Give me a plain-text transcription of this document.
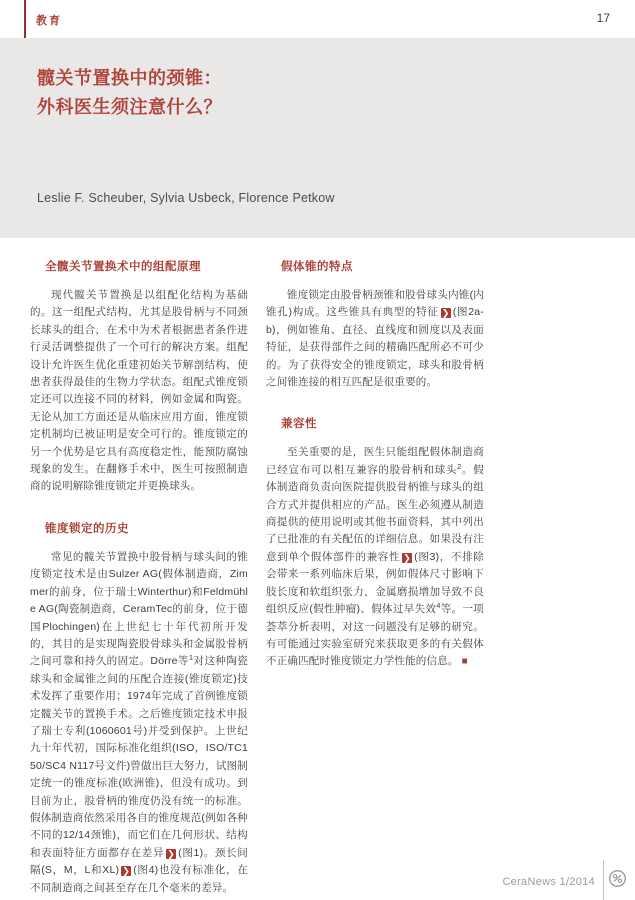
教育	17
髋关节置换中的颈锥：
外科医生须注意什么？
Leslie F. Scheuber, Sylvia Usbeck, Florence Petkow
全髋关节置换术中的组配原理

现代髋关节置换是以组配化结构为基础的。这一组配式结构，尤其是股骨柄与不同颈长球头的组合，在术中为术者根据患者条件进行灵活调整提供了一个可行的解决方案。组配设计允许医生优化重建初始关节解剖结构，使患者获得最佳的生物力学状态。组配式锥度锁定还可以连接不同的材料，例如金属和陶瓷。无论从加工方面还是从临床应用方面，锥度锁定机制均已被证明是安全可行的。锥度锁定的另一个优势是它具有高度稳定性，能预防腐蚀现象的发生。在翻修手术中，医生可按照制造商的说明解除锥度锁定并更换球头。

锥度锁定的历史

常见的髋关节置换中股骨柄与球头间的锥度锁定技术是由Sulzer AG(假体制造商，Zimmer的前身，位于瑞士Winterthur)和Feldmühle AG(陶瓷制造商，CeramTec的前身，位于德国Plochingen)在上世纪七十年代初所开发的，其目的是实现陶瓷股骨球头和金属股骨柄之间可靠和持久的固定。Dörre等$^1$对这种陶瓷球头和金属锥之间的压配合连接(锥度锁定)技术发挥了重要作用；1974年完成了首例锥度锁定髋关节的置换手术。之后锥度锁定技术申报了瑞士专利(1060601号)并受到保护。上世纪九十年代初，国际标准化组织(ISO，ISO/TC150/SC4 N117号文件)曾做出巨大努力，试图制定统一的锥度标准(欧洲锥)，但没有成功。到目前为止，股骨柄的锥度仍没有统一的标准。假体制造商依然采用各自的锥度规范(例如各种不同的12/14颈锥)，而它们在几何形状、结构和表面特征方面都存在差异 ❯ (图1)。颈长间隔(S，M，L和XL) ❯ (图4)也没有标准化，在不同制造商之间甚至存在几个毫米的差异。

假体锥的特点

锥度锁定由股骨柄颈锥和股骨球头内锥(内锥孔)构成。这些锥具有典型的特征 ❯ (图2a-b)，例如锥角、直径、直线度和圆度以及表面特征，是获得部件之间的精确匹配所必不可少的。为了获得安全的锥度锁定，球头和股骨柄之间锥连接的相互匹配是很重要的。

兼容性

至关重要的是，医生只能组配假体制造商已经宣布可以相互兼容的股骨柄和球头$^2$。假体制造商负责向医院提供股骨柄锥与球头的组合方式并提供相应的产品。医生必须遵从制造商提供的使用说明或其他书面资料，其中列出了已批准的有关配伍的详细信息。如果没有注意到单个假体部件的兼容性 ❯ (图3)，不排除会带来一系列临床后果，例如假体尺寸影响下肢长度和软组织张力，金属磨损增加导致不良组织反应(假性肿瘤)、假体过早失效$^4$等。一项荟萃分析表明，对这一问题没有足够的研究。有可能通过实验室研究来获取更多的有关假体不正确匹配时锥度锁定力学性能的信息。 ■

CeraNews 1/2014
